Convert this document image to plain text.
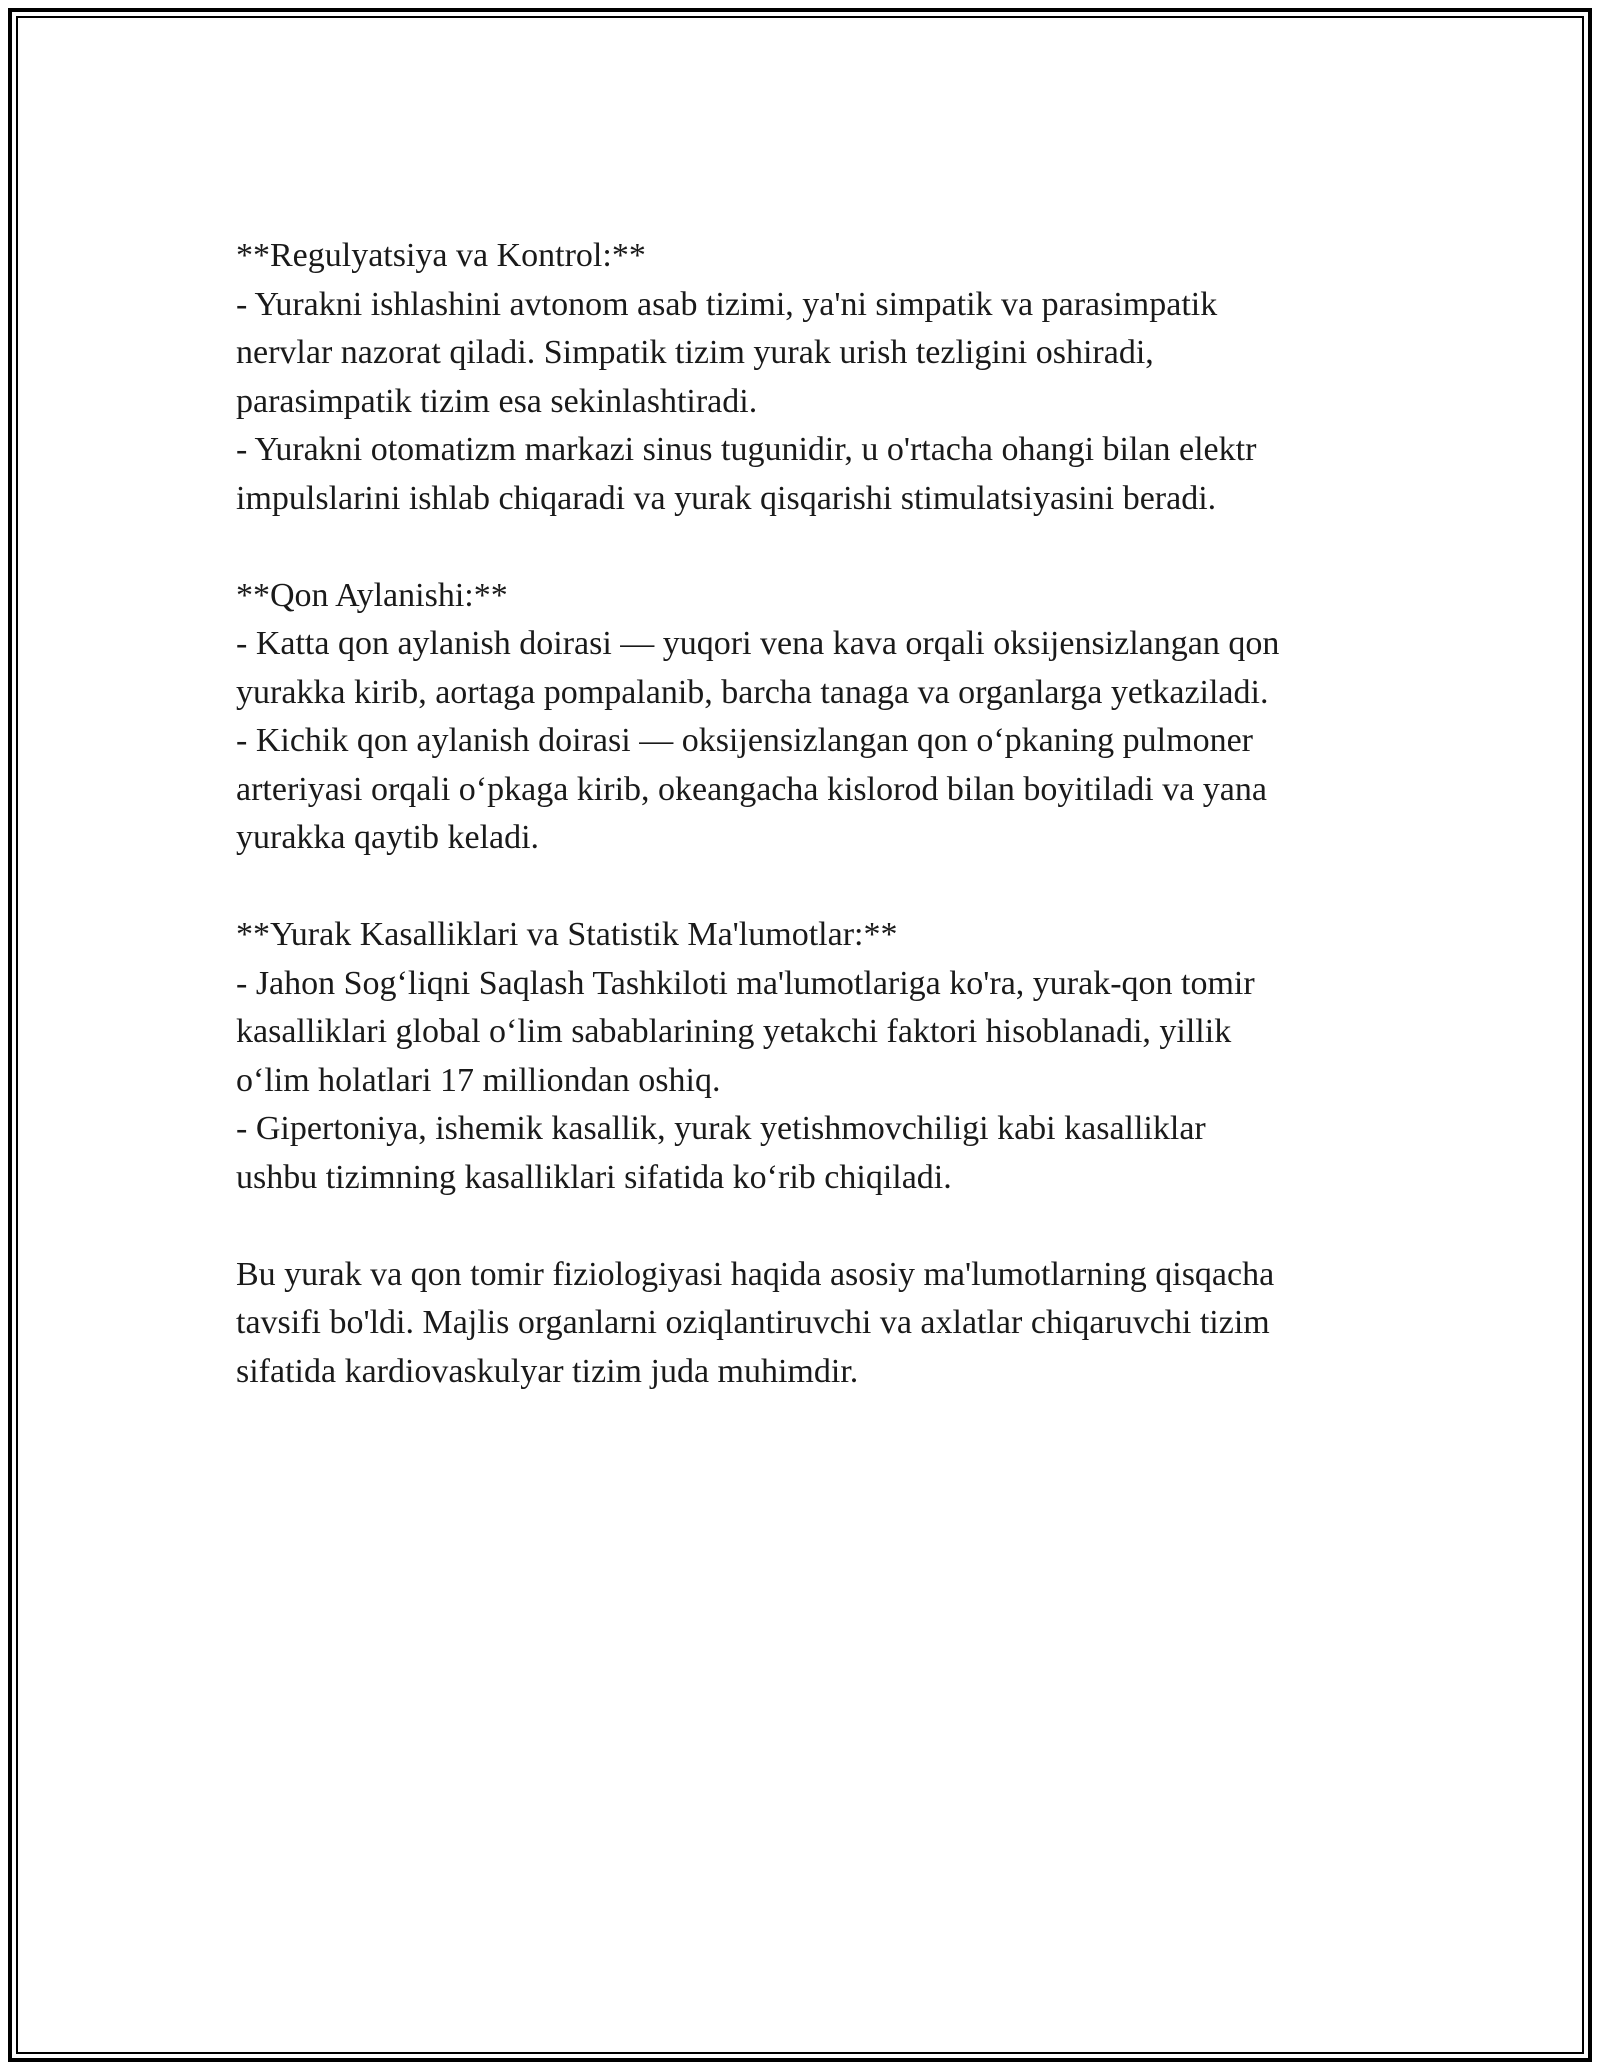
**Regulyatsiya va Kontrol:**
- Yurakni ishlashini avtonom asab tizimi, ya'ni simpatik va parasimpatik
nervlar nazorat qiladi. Simpatik tizim yurak urish tezligini oshiradi,
parasimpatik tizim esa sekinlashtiradi.
- Yurakni otomatizm markazi sinus tugunidir, u o'rtacha ohangi bilan elektr
impulslarini ishlab chiqaradi va yurak qisqarishi stimulatsiyasini beradi.
**Qon Aylanishi:**
- Katta qon aylanish doirasi — yuqori vena kava orqali oksijensizlangan qon
yurakka kirib, aortaga pompalanib, barcha tanaga va organlarga yetkaziladi.
- Kichik qon aylanish doirasi — oksijensizlangan qon oʻpkaning pulmoner
arteriyasi orqali oʻpkaga kirib, okeangacha kislorod bilan boyitiladi va yana
yurakka qaytib keladi.
**Yurak Kasalliklari va Statistik Ma'lumotlar:**
- Jahon Sogʻliqni Saqlash Tashkiloti ma'lumotlariga ko'ra, yurak-qon tomir
kasalliklari global oʻlim sabablarining yetakchi faktori hisoblanadi, yillik
oʻlim holatlari 17 milliondan oshiq.
- Gipertoniya, ishemik kasallik, yurak yetishmovchiligi kabi kasalliklar
ushbu tizimning kasalliklari sifatida koʻrib chiqiladi.
Bu yurak va qon tomir fiziologiyasi haqida asosiy ma'lumotlarning qisqacha
tavsifi bo'ldi. Majlis organlarni oziqlantiruvchi va axlatlar chiqaruvchi tizim
sifatida kardiovaskulyar tizim juda muhimdir.
